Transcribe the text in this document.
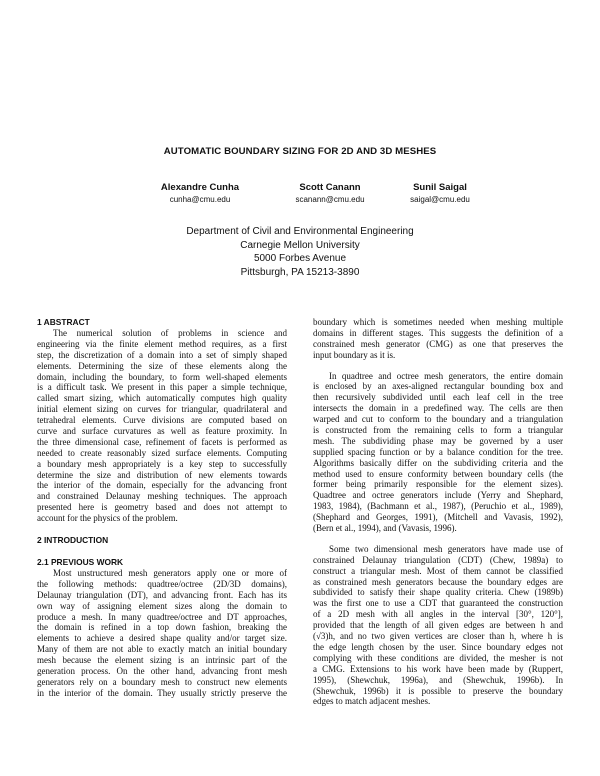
AUTOMATIC BOUNDARY SIZING FOR 2D AND 3D MESHES
Alexandre Cunha
cunha@cmu.edu
Scott Canann
scanann@cmu.edu
Sunil Saigal
saigal@cmu.edu
Department of Civil and Environmental Engineering
Carnegie Mellon University
5000 Forbes Avenue
Pittsburgh, PA 15213-3890
1 ABSTRACT
The numerical solution of problems in science and
engineering via the finite element method requires, as a first
step, the discretization of a domain into a set of simply shaped
elements. Determining the size of these elements along the
domain, including the boundary, to form well-shaped elements
is a difficult task. We present in this paper a simple technique,
called smart sizing, which automatically computes high quality
initial element sizing on curves for triangular, quadrilateral and
tetrahedral elements. Curve divisions are computed based on
curve and surface curvatures as well as feature proximity. In
the three dimensional case, refinement of facets is performed as
needed to create reasonably sized surface elements. Computing
a boundary mesh appropriately is a key step to successfully
determine the size and distribution of new elements towards
the interior of the domain, especially for the advancing front
and constrained Delaunay meshing techniques. The approach
presented here is geometry based and does not attempt to
account for the physics of the problem.
2 INTRODUCTION
2.1 PREVIOUS WORK
Most unstructured mesh generators apply one or more of
the following methods: quadtree/octree (2D/3D domains),
Delaunay triangulation (DT), and advancing front. Each has its
own way of assigning element sizes along the domain to
produce a mesh. In many quadtree/octree and DT approaches,
the domain is refined in a top down fashion, breaking the
elements to achieve a desired shape quality and/or target size.
Many of them are not able to exactly match an initial boundary
mesh because the element sizing is an intrinsic part of the
generation process. On the other hand, advancing front mesh
generators rely on a boundary mesh to construct new elements
in the interior of the domain. They usually strictly preserve the
boundary which is sometimes needed when meshing multiple
domains in different stages. This suggests the definition of a
constrained mesh generator (CMG) as one that preserves the
input boundary as it is.
In quadtree and octree mesh generators, the entire domain
is enclosed by an axes-aligned rectangular bounding box and
then recursively subdivided until each leaf cell in the tree
intersects the domain in a predefined way. The cells are then
warped and cut to conform to the boundary and a triangulation
is constructed from the remaining cells to form a triangular
mesh. The subdividing phase may be governed by a user
supplied spacing function or by a balance condition for the tree.
Algorithms basically differ on the subdividing criteria and the
method used to ensure conformity between boundary cells (the
former being primarily responsible for the element sizes).
Quadtree and octree generators include (Yerry and Shephard,
1983, 1984), (Bachmann et al., 1987), (Peruchio et al., 1989),
(Shephard and Georges, 1991), (Mitchell and Vavasis, 1992),
(Bern et al., 1994), and (Vavasis, 1996).
Some two dimensional mesh generators have made use of
constrained Delaunay triangulation (CDT) (Chew, 1989a) to
construct a triangular mesh. Most of them cannot be classified
as constrained mesh generators because the boundary edges are
subdivided to satisfy their shape quality criteria. Chew (1989b)
was the first one to use a CDT that guaranteed the construction
of a 2D mesh with all angles in the interval [30°, 120°],
provided that the length of all given edges are between h and
(√3)h, and no two given vertices are closer than h, where h is
the edge length chosen by the user. Since boundary edges not
complying with these conditions are divided, the mesher is not
a CMG. Extensions to his work have been made by (Ruppert,
1995), (Shewchuk, 1996a), and (Shewchuk, 1996b). In
(Shewchuk, 1996b) it is possible to preserve the boundary
edges to match adjacent meshes.
